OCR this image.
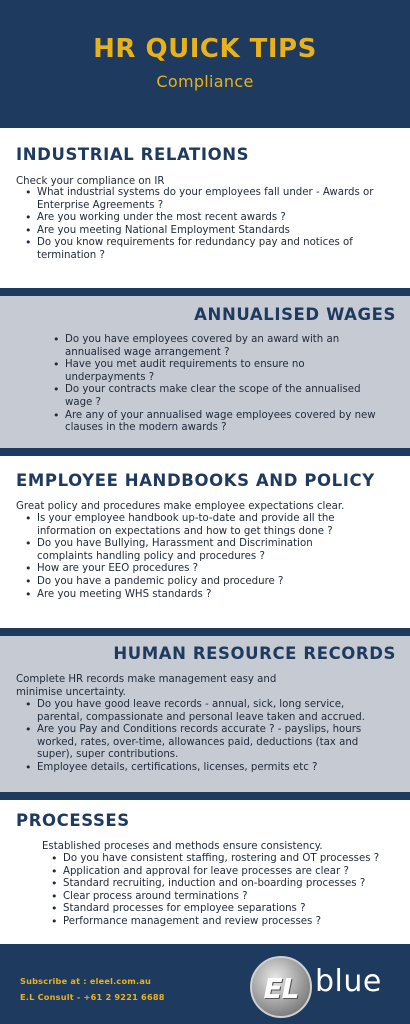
HR QUICK TIPS
Compliance
INDUSTRIAL RELATIONS
Check your compliance on IR
• What industrial systems do your employees fall under - Awards or Enterprise Agreements ?
• Are you working under the most recent awards ?
• Are you meeting National Employment Standards
• Do you know requirements for redundancy pay and notices of termination ?
ANNUALISED WAGES
• Do you have employees covered by an award with an annualised wage arrangement ?
• Have you met audit requirements to ensure no underpayments ?
• Do your contracts make clear the scope of the annualised wage ?
• Are any of your annualised wage employees covered by new clauses in the modern awards ?
EMPLOYEE HANDBOOKS AND POLICY
Great policy and procedures make employee expectations clear.
• Is your employee handbook up-to-date and provide all the information on expectations and how to get things done ?
• Do you have Bullying, Harassment and Discrimination complaints handling policy and procedures ?
• How are your EEO procedures ?
• Do you have a pandemic policy and procedure ?
• Are you meeting WHS standards ?
HUMAN RESOURCE RECORDS
Complete HR records make management easy and minimise uncertainty.
• Do you have good leave records - annual, sick, long service, parental, compassionate and personal leave taken and accrued.
• Are you Pay and Conditions records accurate ? - payslips, hours worked, rates, over-time, allowances paid, deductions (tax and super), super contributions.
• Employee details, certifications, licenses, permits etc ?
PROCESSES
Established proceses and methods ensure consistency.
• Do you have consistent staffing, rostering and OT processes ?
• Application and approval for leave processes are clear ?
• Standard recruiting, induction and on-boarding processes ?
• Clear process around terminations ?
• Standard processes for employee separations ?
• Performance management and review processes ?
Subscribe at : eleel.com.au
E.L Consult - +61 2 9221 6688	EL blue
